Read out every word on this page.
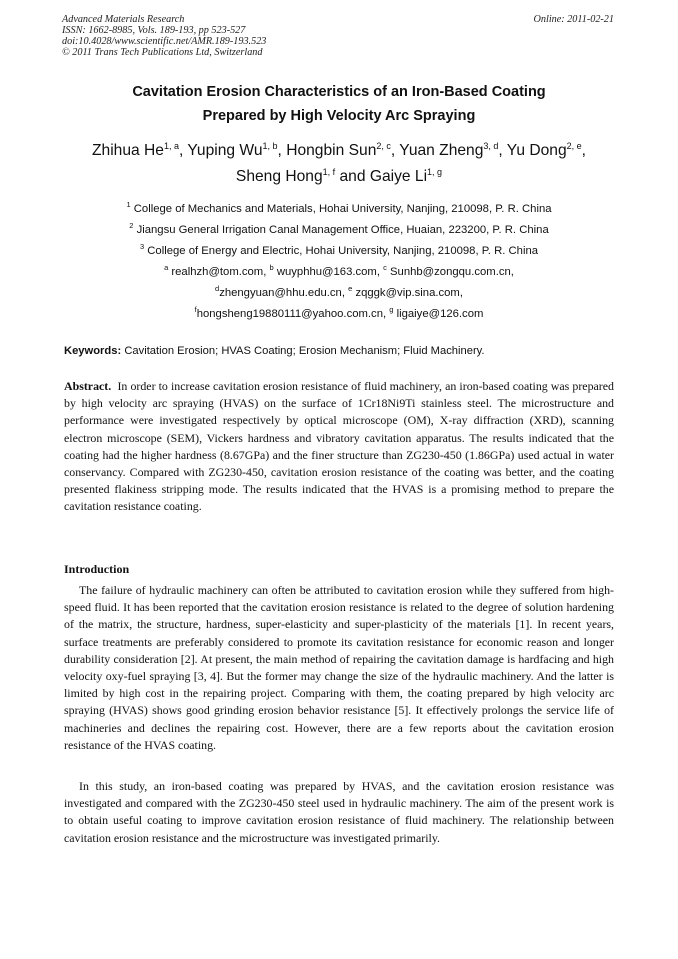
Advanced Materials Research
ISSN: 1662-8985, Vols. 189-193, pp 523-527
doi:10.4028/www.scientific.net/AMR.189-193.523
© 2011 Trans Tech Publications Ltd, Switzerland
Online: 2011-02-21
Cavitation Erosion Characteristics of an Iron-Based Coating
Prepared by High Velocity Arc Spraying
Zhihua He$^{1, a}$, Yuping Wu$^{1, b}$, Hongbin Sun$^{2, c}$, Yuan Zheng$^{3, d}$, Yu Dong$^{2, e}$,
Sheng Hong$^{1, f}$ and Gaiye Li$^{1, g}$
$^1$ College of Mechanics and Materials, Hohai University, Nanjing, 210098, P. R. China
$^2$ Jiangsu General Irrigation Canal Management Office, Huaian, 223200, P. R. China
$^3$ College of Energy and Electric, Hohai University, Nanjing, 210098, P. R. China
$^a$ realhzh@tom.com, $^b$ wuyphhu@163.com, $^c$ Sunhb@zongqu.com.cn,
$^d$zhengyuan@hhu.edu.cn, $^e$ zqggk@vip.sina.com,
$^f$hongsheng19880111@yahoo.com.cn, $^g$ ligaiye@126.com
Keywords: Cavitation Erosion; HVAS Coating; Erosion Mechanism; Fluid Machinery.
Abstract. In order to increase cavitation erosion resistance of fluid machinery, an iron-based coating was prepared by high velocity arc spraying (HVAS) on the surface of 1Cr18Ni9Ti stainless steel. The microstructure and performance were investigated respectively by optical microscope (OM), X-ray diffraction (XRD), scanning electron microscope (SEM), Vickers hardness and vibratory cavitation apparatus. The results indicated that the coating had the higher hardness (8.67GPa) and the finer structure than ZG230-450 (1.86GPa) used actual in water conservancy. Compared with ZG230-450, cavitation erosion resistance of the coating was better, and the coating presented flakiness stripping mode. The results indicated that the HVAS is a promising method to prepare the cavitation resistance coating.
Introduction
The failure of hydraulic machinery can often be attributed to cavitation erosion while they suffered from high-speed fluid. It has been reported that the cavitation erosion resistance is related to the degree of solution hardening of the matrix, the structure, hardness, super-elasticity and super-plasticity of the materials [1]. In recent years, surface treatments are preferably considered to promote its cavitation resistance for economic reason and longer durability consideration [2]. At present, the main method of repairing the cavitation damage is hardfacing and high velocity oxy-fuel spraying [3, 4]. But the former may change the size of the hydraulic machinery. And the latter is limited by high cost in the repairing project. Comparing with them, the coating prepared by high velocity arc spraying (HVAS) shows good grinding erosion behavior resistance [5]. It effectively prolongs the service life of machineries and declines the repairing cost. However, there are a few reports about the cavitation erosion resistance of the HVAS coating.
In this study, an iron-based coating was prepared by HVAS, and the cavitation erosion resistance was investigated and compared with the ZG230-450 steel used in hydraulic machinery. The aim of the present work is to obtain useful coating to improve cavitation erosion resistance of fluid machinery. The relationship between cavitation erosion resistance and the microstructure was investigated primarily.
